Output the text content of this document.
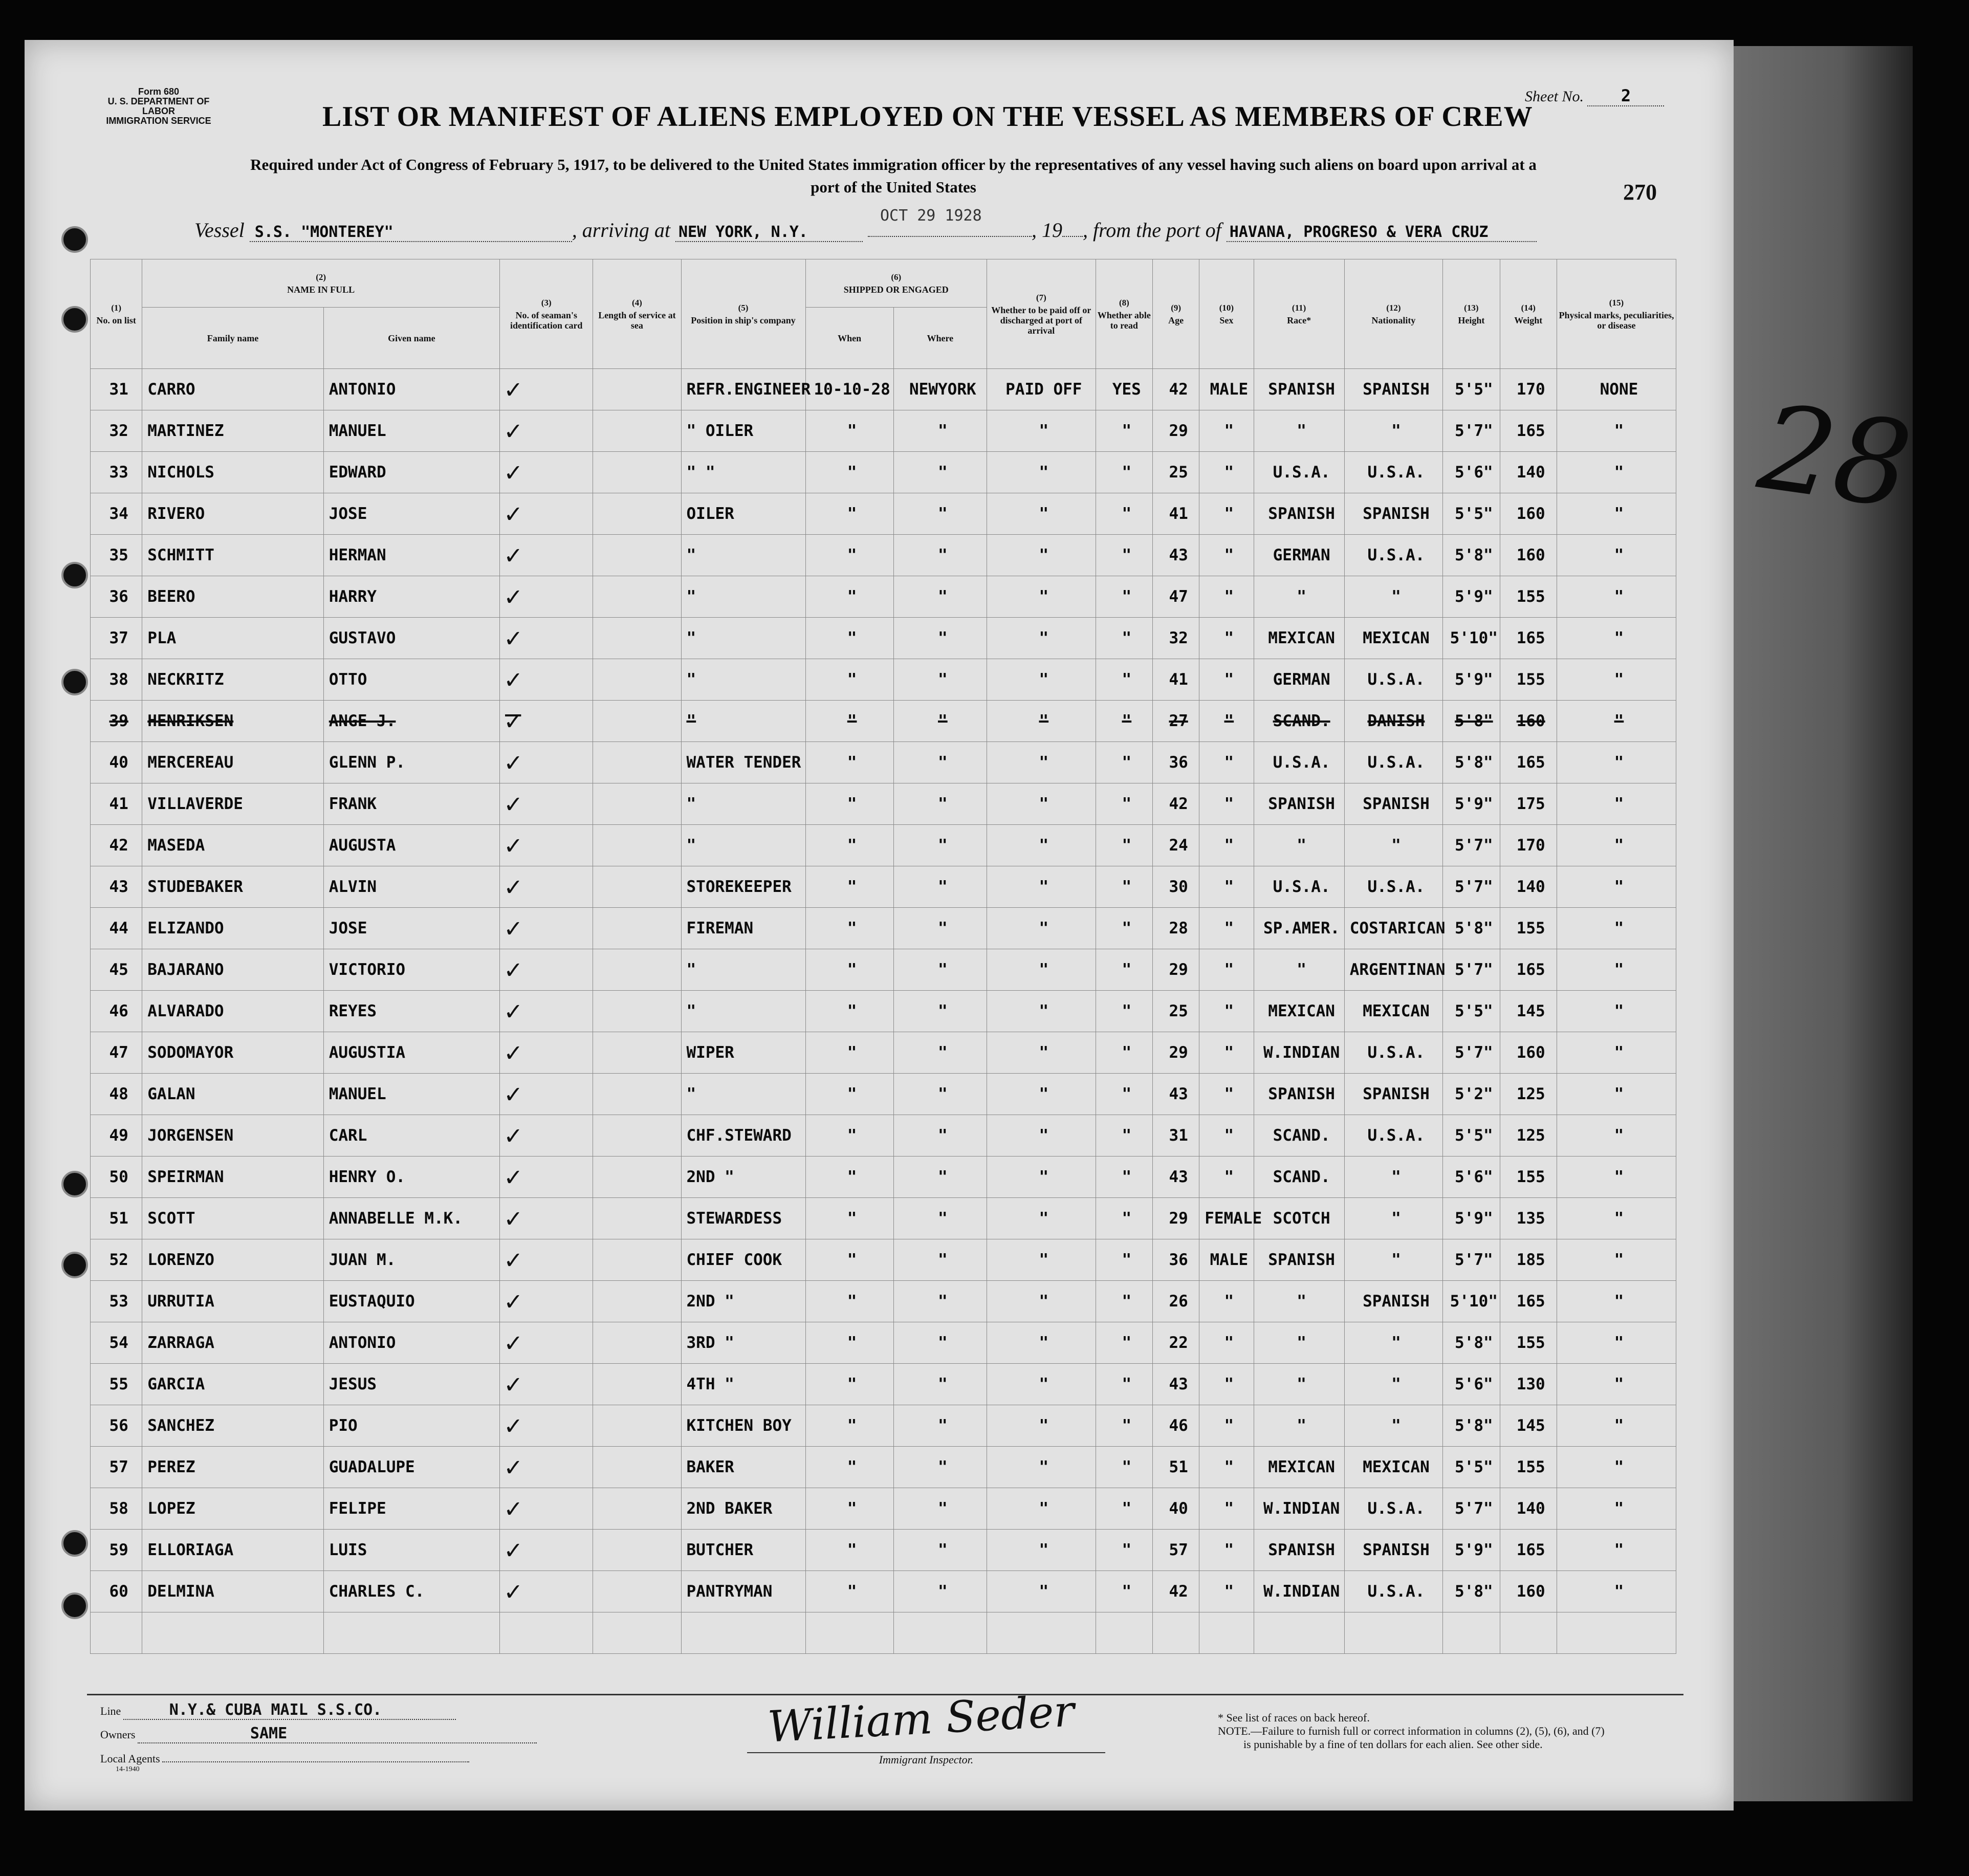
28
Form 680
U. S. DEPARTMENT OF LABOR
IMMIGRATION SERVICE
Sheet No. 2
LIST OR MANIFEST OF ALIENS EMPLOYED ON THE VESSEL AS MEMBERS OF CREW
Required under Act of Congress of February 5, 1917, to be delivered to the United States immigration officer by the representatives of any vessel having such aliens on board upon arrival at a
port of the United States	270
Vessel S.S. "MONTEREY"	, arriving at NEW YORK, N.Y.	, 19 , from the port of HAVANA, PROGRESO & VERA CRUZ
OCT 29 1928
(1)
No. on list	(2)
NAME IN FULL		(3)
No. of seaman's identification card	(4)
Length of service at sea	(5)
Position in ship's company	(6)
SHIPPED OR ENGAGED		(7)
Whether to be paid off or discharged at port of arrival	(8)
Whether able to read	(9)
Age	(10)
Sex	(11)
Race*	(12)
Nationality	(13)
Height	(14)
Weight	(15)
Physical marks, peculiarities, or disease
	Family name	Given name				When	Where									
31	CARRO	ANTONIO	✓		REFR.ENGINEER	10-10-28	NEWYORK	PAID OFF	YES	42	MALE	SPANISH	SPANISH	5'5"	170	NONE
32	MARTINEZ	MANUEL	✓		" OILER	"	"	"	"	29	"	"	"	5'7"	165	"
33	NICHOLS	EDWARD	✓		" "	"	"	"	"	25	"	U.S.A.	U.S.A.	5'6"	140	"
34	RIVERO	JOSE	✓		OILER	"	"	"	"	41	"	SPANISH	SPANISH	5'5"	160	"
35	SCHMITT	HERMAN	✓		"	"	"	"	"	43	"	GERMAN	U.S.A.	5'8"	160	"
36	BEERO	HARRY	✓		"	"	"	"	"	47	"	"	"	5'9"	155	"
37	PLA	GUSTAVO	✓		"	"	"	"	"	32	"	MEXICAN	MEXICAN	5'10"	165	"
38	NECKRITZ	OTTO	✓		"	"	"	"	"	41	"	GERMAN	U.S.A.	5'9"	155	"
39	HENRIKSEN	ANGE J.	✓		"	"	"	"	"	27	"	SCAND.	DANISH	5'8"	160	"
40	MERCEREAU	GLENN P.	✓		WATER TENDER	"	"	"	"	36	"	U.S.A.	U.S.A.	5'8"	165	"
41	VILLAVERDE	FRANK	✓		"	"	"	"	"	42	"	SPANISH	SPANISH	5'9"	175	"
42	MASEDA	AUGUSTA	✓		"	"	"	"	"	24	"	"	"	5'7"	170	"
43	STUDEBAKER	ALVIN	✓		STOREKEEPER	"	"	"	"	30	"	U.S.A.	U.S.A.	5'7"	140	"
44	ELIZANDO	JOSE	✓		FIREMAN	"	"	"	"	28	"	SP.AMER.	COSTARICAN	5'8"	155	"
45	BAJARANO	VICTORIO	✓		"	"	"	"	"	29	"	"	ARGENTINAN	5'7"	165	"
46	ALVARADO	REYES	✓		"	"	"	"	"	25	"	MEXICAN	MEXICAN	5'5"	145	"
47	SODOMAYOR	AUGUSTIA	✓		WIPER	"	"	"	"	29	"	W.INDIAN	U.S.A.	5'7"	160	"
48	GALAN	MANUEL	✓		"	"	"	"	"	43	"	SPANISH	SPANISH	5'2"	125	"
49	JORGENSEN	CARL	✓		CHF.STEWARD	"	"	"	"	31	"	SCAND.	U.S.A.	5'5"	125	"
50	SPEIRMAN	HENRY O.	✓		2ND "	"	"	"	"	43	"	SCAND.	"	5'6"	155	"
51	SCOTT	ANNABELLE M.K.	✓		STEWARDESS	"	"	"	"	29	FEMALE	SCOTCH	"	5'9"	135	"
52	LORENZO	JUAN M.	✓		CHIEF COOK	"	"	"	"	36	MALE	SPANISH	"	5'7"	185	"
53	URRUTIA	EUSTAQUIO	✓		2ND "	"	"	"	"	26	"	"	SPANISH	5'10"	165	"
54	ZARRAGA	ANTONIO	✓		3RD "	"	"	"	"	22	"	"	"	5'8"	155	"
55	GARCIA	JESUS	✓		4TH "	"	"	"	"	43	"	"	"	5'6"	130	"
56	SANCHEZ	PIO	✓		KITCHEN BOY	"	"	"	"	46	"	"	"	5'8"	145	"
57	PEREZ	GUADALUPE	✓		BAKER	"	"	"	"	51	"	MEXICAN	MEXICAN	5'5"	155	"
58	LOPEZ	FELIPE	✓		2ND BAKER	"	"	"	"	40	"	W.INDIAN	U.S.A.	5'7"	140	"
59	ELLORIAGA	LUIS	✓		BUTCHER	"	"	"	"	57	"	SPANISH	SPANISH	5'9"	165	"
60	DELMINA	CHARLES C.	✓		PANTRYMAN	"	"	"	"	42	"	W.INDIAN	U.S.A.	5'8"	160	"

Line	N.Y.& CUBA MAIL S.S.CO.
Owners	SAME
Local Agents
14-1940
William Seder
Immigrant Inspector.
* See list of races on back hereof.
NOTE.—Failure to furnish full or correct information in columns (2), (5), (6), and (7)
is punishable by a fine of ten dollars for each alien. See other side.
